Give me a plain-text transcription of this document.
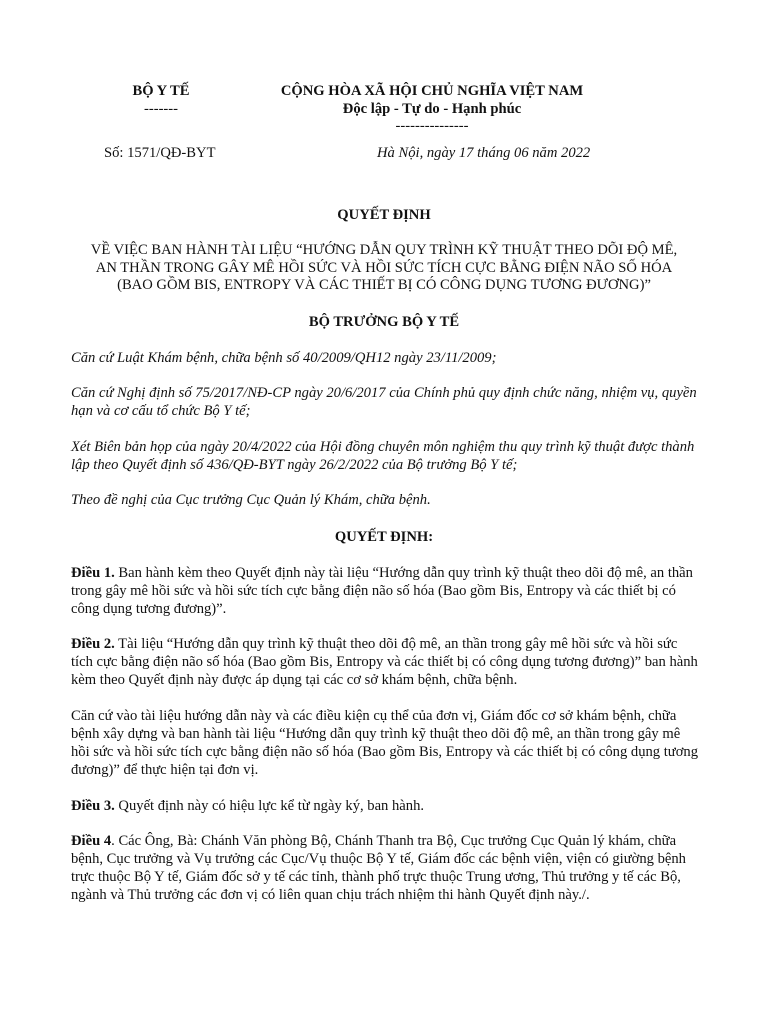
BỘ Y TẾ
-------
CỘNG HÒA XÃ HỘI CHỦ NGHĨA VIỆT NAM
Độc lập - Tự do - Hạnh phúc
---------------
Số: 1571/QĐ-BYT	Hà Nội, ngày 17 tháng 06 năm 2022
QUYẾT ĐỊNH
VỀ VIỆC BAN HÀNH TÀI LIỆU “HƯỚNG DẪN QUY TRÌNH KỸ THUẬT THEO DÕI ĐỘ MÊ,
AN THẦN TRONG GÂY MÊ HỒI SỨC VÀ HỒI SỨC TÍCH CỰC BẰNG ĐIỆN NÃO SỐ HÓA
(BAO GỒM BIS, ENTROPY VÀ CÁC THIẾT BỊ CÓ CÔNG DỤNG TƯƠNG ĐƯƠNG)”
BỘ TRƯỞNG BỘ Y TẾ
Căn cứ Luật Khám bệnh, chữa bệnh số 40/2009/QH12 ngày 23/11/2009;
Căn cứ Nghị định số 75/2017/NĐ-CP ngày 20/6/2017 của Chính phủ quy định chức năng, nhiệm vụ, quyền hạn và cơ cấu tổ chức Bộ Y tế;
Xét Biên bản họp của ngày 20/4/2022 của Hội đồng chuyên môn nghiệm thu quy trình kỹ thuật được thành lập theo Quyết định số 436/QĐ-BYT ngày 26/2/2022 của Bộ trưởng Bộ Y tế;
Theo đề nghị của Cục trưởng Cục Quản lý Khám, chữa bệnh.
QUYẾT ĐỊNH:
Điều 1. Ban hành kèm theo Quyết định này tài liệu “Hướng dẫn quy trình kỹ thuật theo dõi độ mê, an thần trong gây mê hồi sức và hồi sức tích cực bằng điện não số hóa (Bao gồm Bis, Entropy và các thiết bị có công dụng tương đương)”.
Điều 2. Tài liệu “Hướng dẫn quy trình kỹ thuật theo dõi độ mê, an thần trong gây mê hồi sức và hồi sức tích cực bằng điện não số hóa (Bao gồm Bis, Entropy và các thiết bị có công dụng tương đương)” ban hành kèm theo Quyết định này được áp dụng tại các cơ sở khám bệnh, chữa bệnh.
Căn cứ vào tài liệu hướng dẫn này và các điều kiện cụ thể của đơn vị, Giám đốc cơ sở khám bệnh, chữa bệnh xây dựng và ban hành tài liệu “Hướng dẫn quy trình kỹ thuật theo dõi độ mê, an thần trong gây mê hồi sức và hồi sức tích cực bằng điện não số hóa (Bao gồm Bis, Entropy và các thiết bị có công dụng tương đương)” để thực hiện tại đơn vị.
Điều 3. Quyết định này có hiệu lực kể từ ngày ký, ban hành.
Điều 4. Các Ông, Bà: Chánh Văn phòng Bộ, Chánh Thanh tra Bộ, Cục trưởng Cục Quản lý khám, chữa bệnh, Cục trưởng và Vụ trưởng các Cục/Vụ thuộc Bộ Y tế, Giám đốc các bệnh viện, viện có giường bệnh trực thuộc Bộ Y tế, Giám đốc sở y tế các tỉnh, thành phố trực thuộc Trung ương, Thủ trưởng y tế các Bộ, ngành và Thủ trưởng các đơn vị có liên quan chịu trách nhiệm thi hành Quyết định này./.
